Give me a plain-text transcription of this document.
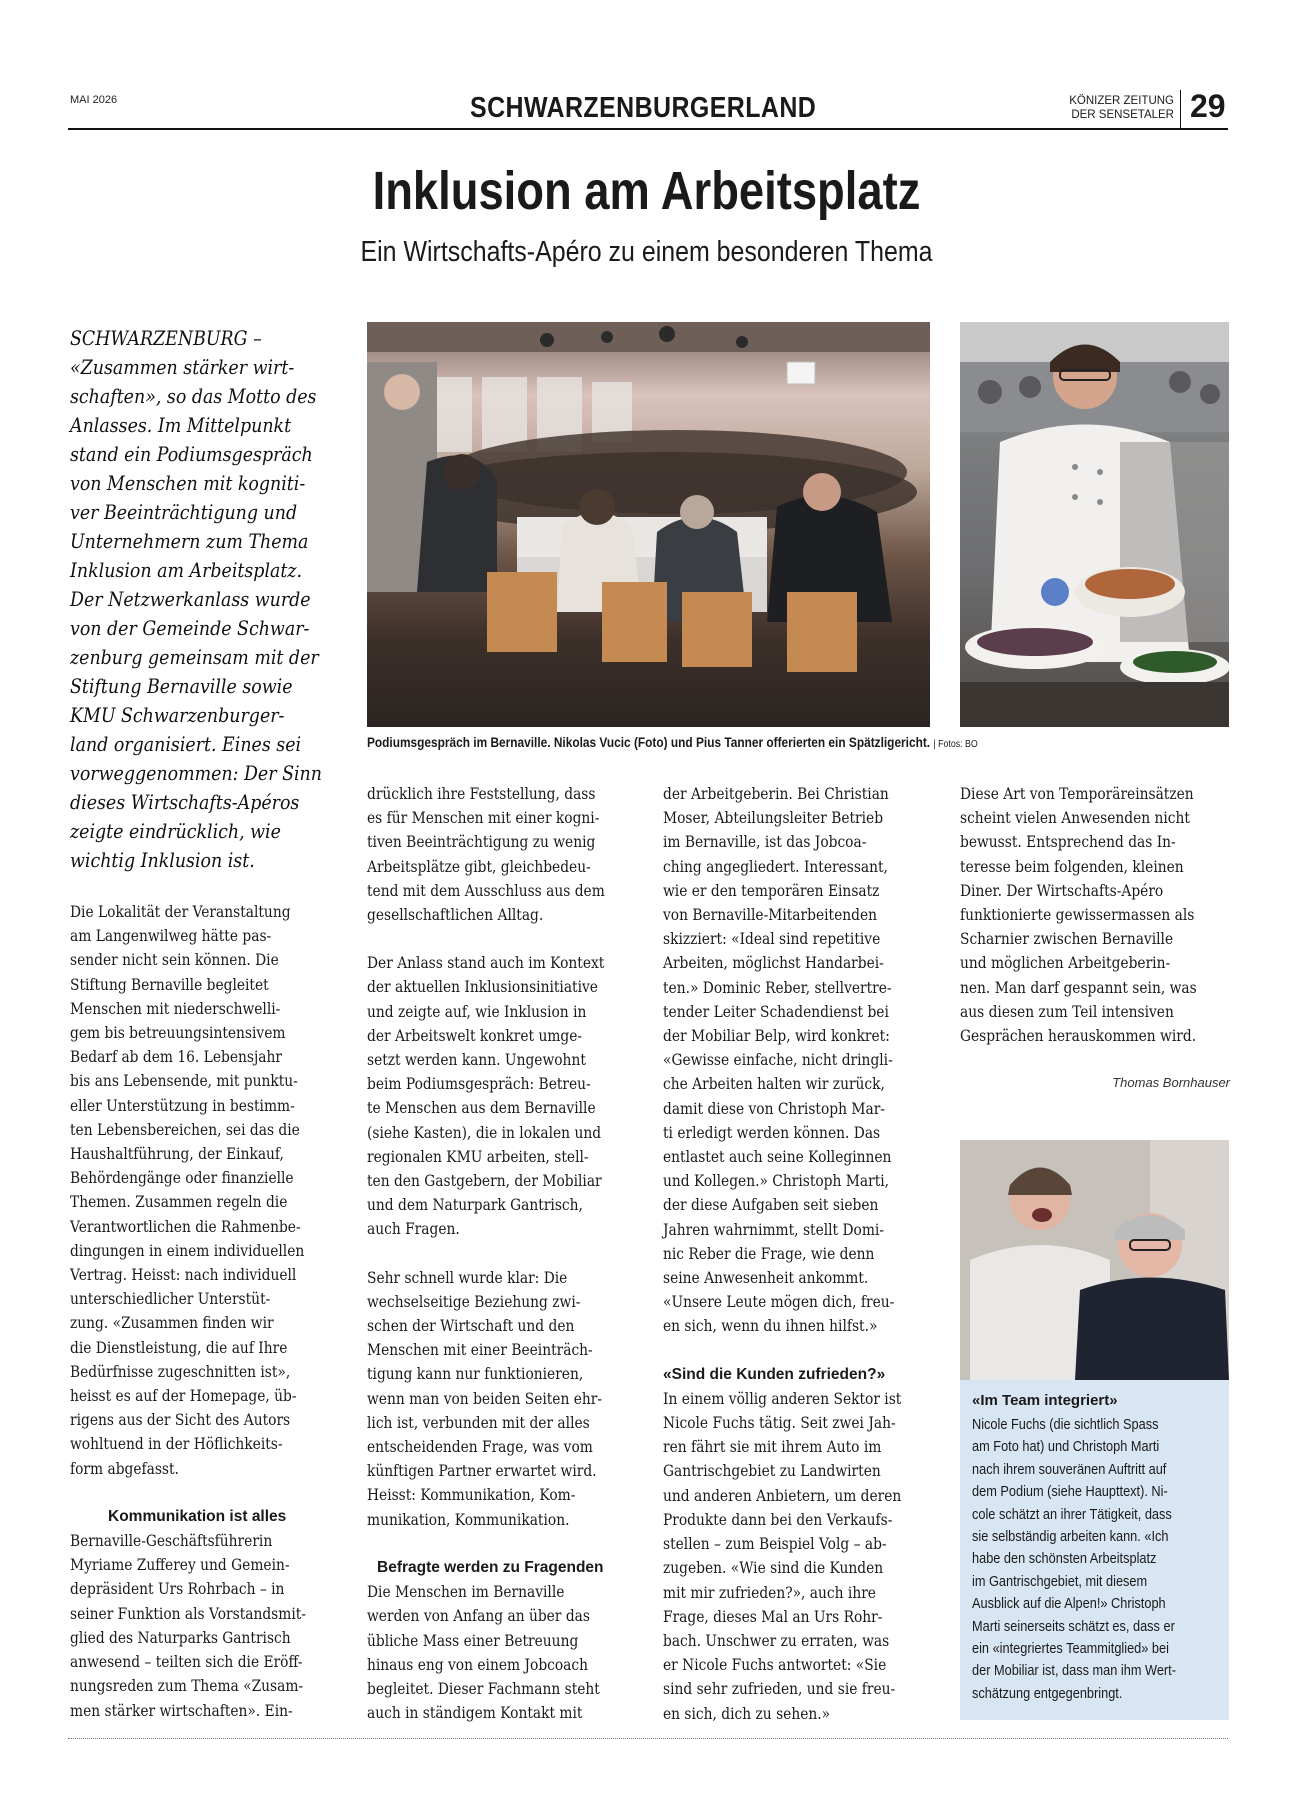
MAI 2026	SCHWARZENBURGERLAND	KÖNIZER ZEITUNG
DER SENSETALER 29
Inklusion am Arbeitsplatz
Ein Wirtschafts-Apéro zu einem besonderen Thema
SCHWARZENBURG –
«Zusammen stärker wirt-
schaften», so das Motto des
Anlasses. Im Mittelpunkt
stand ein Podiumsgespräch
von Menschen mit kogniti-
ver Beeinträchtigung und
Unternehmern zum Thema
Inklusion am Arbeitsplatz.
Der Netzwerkanlass wurde
von der Gemeinde Schwar-
zenburg gemeinsam mit der
Stiftung Bernaville sowie
KMU Schwarzenburger-
land organisiert. Eines sei
vorweggenommen: Der Sinn
dieses Wirtschafts-Apéros
zeigte eindrücklich, wie
wichtig Inklusion ist.
Podiumsgespräch im Bernaville. Nikolas Vucic (Foto) und Pius Tanner offerierten ein Spätzligericht. | Fotos: BO
Die Lokalität der Veranstaltung
am Langenwilweg hätte pas-
sender nicht sein können. Die
Stiftung Bernaville begleitet
Menschen mit niederschwelli-
gem bis betreuungsintensivem
Bedarf ab dem 16. Lebensjahr
bis ans Lebensende, mit punktu-
eller Unterstützung in bestimm-
ten Lebensbereichen, sei das die
Haushaltführung, der Einkauf,
Behördengänge oder finanzielle
Themen. Zusammen regeln die
Verantwortlichen die Rahmenbe-
dingungen in einem individuellen
Vertrag. Heisst: nach individuell
unterschiedlicher Unterstüt-
zung. «Zusammen finden wir
die Dienstleistung, die auf Ihre
Bedürfnisse zugeschnitten ist»,
heisst es auf der Homepage, üb-
rigens aus der Sicht des Autors
wohltuend in der Höflichkeits-
form abgefasst.
Kommunikation ist alles
Bernaville-Geschäftsführerin
Myriame Zufferey und Gemein-
depräsident Urs Rohrbach – in
seiner Funktion als Vorstandsmit-
glied des Naturparks Gantrisch
anwesend – teilten sich die Eröff-
nungsreden zum Thema «Zusam-
men stärker wirtschaften». Ein-
drücklich ihre Feststellung, dass
es für Menschen mit einer kogni-
tiven Beeinträchtigung zu wenig
Arbeitsplätze gibt, gleichbedeu-
tend mit dem Ausschluss aus dem
gesellschaftlichen Alltag.
Der Anlass stand auch im Kontext
der aktuellen Inklusionsinitiative
und zeigte auf, wie Inklusion in
der Arbeitswelt konkret umge-
setzt werden kann. Ungewohnt
beim Podiumsgespräch: Betreu-
te Menschen aus dem Bernaville
(siehe Kasten), die in lokalen und
regionalen KMU arbeiten, stell-
ten den Gastgebern, der Mobiliar
und dem Naturpark Gantrisch,
auch Fragen.
Sehr schnell wurde klar: Die
wechselseitige Beziehung zwi-
schen der Wirtschaft und den
Menschen mit einer Beeinträch-
tigung kann nur funktionieren,
wenn man von beiden Seiten ehr-
lich ist, verbunden mit der alles
entscheidenden Frage, was vom
künftigen Partner erwartet wird.
Heisst: Kommunikation, Kom-
munikation, Kommunikation.
Befragte werden zu Fragenden
Die Menschen im Bernaville
werden von Anfang an über das
übliche Mass einer Betreuung
hinaus eng von einem Jobcoach
begleitet. Dieser Fachmann steht
auch in ständigem Kontakt mit
der Arbeitgeberin. Bei Christian
Moser, Abteilungsleiter Betrieb
im Bernaville, ist das Jobcoa-
ching angegliedert. Interessant,
wie er den temporären Einsatz
von Bernaville-Mitarbeitenden
skizziert: «Ideal sind repetitive
Arbeiten, möglichst Handarbei-
ten.» Dominic Reber, stellvertre-
tender Leiter Schadendienst bei
der Mobiliar Belp, wird konkret:
«Gewisse einfache, nicht dringli-
che Arbeiten halten wir zurück,
damit diese von Christoph Mar-
ti erledigt werden können. Das
entlastet auch seine Kolleginnen
und Kollegen.» Christoph Marti,
der diese Aufgaben seit sieben
Jahren wahrnimmt, stellt Domi-
nic Reber die Frage, wie denn
seine Anwesenheit ankommt.
«Unsere Leute mögen dich, freu-
en sich, wenn du ihnen hilfst.»
«Sind die Kunden zufrieden?»
In einem völlig anderen Sektor ist
Nicole Fuchs tätig. Seit zwei Jah-
ren fährt sie mit ihrem Auto im
Gantrischgebiet zu Landwirten
und anderen Anbietern, um deren
Produkte dann bei den Verkaufs-
stellen – zum Beispiel Volg – ab-
zugeben. «Wie sind die Kunden
mit mir zufrieden?», auch ihre
Frage, dieses Mal an Urs Rohr-
bach. Unschwer zu erraten, was
er Nicole Fuchs antwortet: «Sie
sind sehr zufrieden, und sie freu-
en sich, dich zu sehen.»
Diese Art von Temporäreinsätzen
scheint vielen Anwesenden nicht
bewusst. Entsprechend das In-
teresse beim folgenden, kleinen
Diner. Der Wirtschafts-Apéro
funktionierte gewissermassen als
Scharnier zwischen Bernaville
und möglichen Arbeitgeberin-
nen. Man darf gespannt sein, was
aus diesen zum Teil intensiven
Gesprächen herauskommen wird.
Thomas Bornhauser
«Im Team integriert»
Nicole Fuchs (die sichtlich Spass
am Foto hat) und Christoph Marti
nach ihrem souveränen Auftritt auf
dem Podium (siehe Haupttext). Ni-
cole schätzt an ihrer Tätigkeit, dass
sie selbständig arbeiten kann. «Ich
habe den schönsten Arbeitsplatz
im Gantrischgebiet, mit diesem
Ausblick auf die Alpen!» Christoph
Marti seinerseits schätzt es, dass er
ein «integriertes Teammitglied» bei
der Mobiliar ist, dass man ihm Wert-
schätzung entgegenbringt.
